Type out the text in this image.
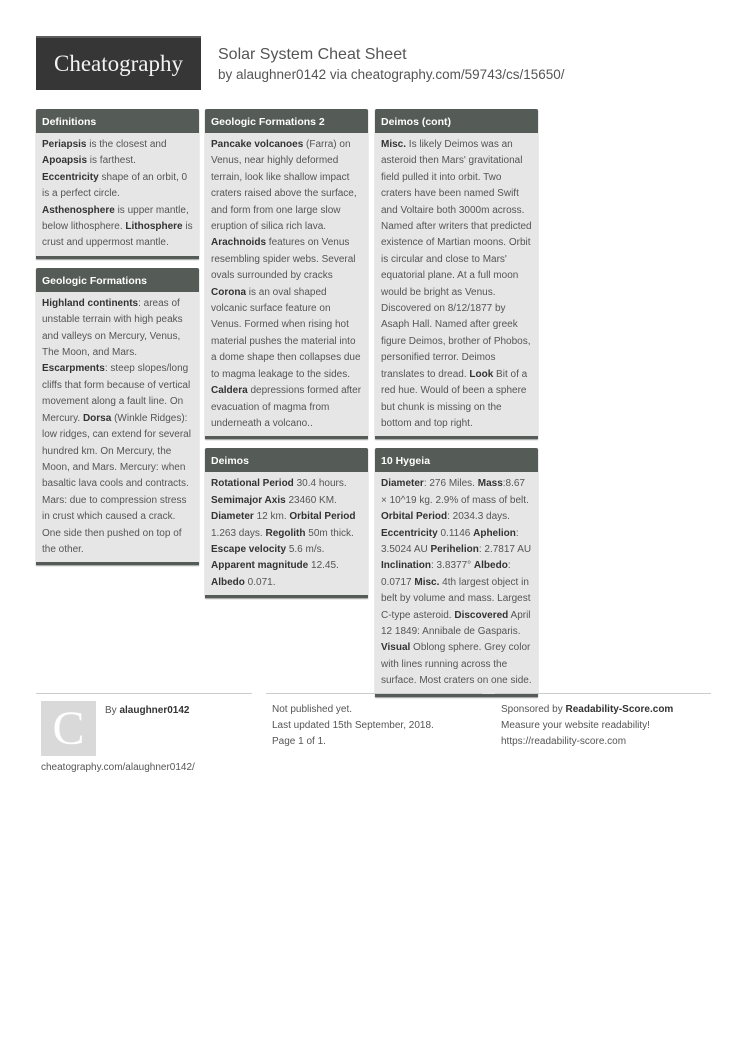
Cheatography Solar System Cheat Sheet
by alaughner0142 via cheatography.com/59743/cs/15650/
Definitions
Periapsis is the closest and Apoapsis is farthest.
Eccentricity shape of an orbit, 0 is a perfect circle.
Asthenosphere is upper mantle, below lithosphere. Lithosphere is crust and uppermost mantle.
Geologic Formations
Highland continents: areas of unstable terrain with high peaks and valleys on Mercury, Venus, The Moon, and Mars.
Escarpments: steep slopes/long cliffs that form because of vertical movement along a fault line. On Mercury. Dorsa (Winkle Ridges): low ridges, can extend for several hundred km. On Mercury, the Moon, and Mars. Mercury: when basaltic lava cools and contracts. Mars: due to compression stress in crust which caused a crack. One side then pushed on top of the other.
Geologic Formations 2
Pancake volcanoes (Farra) on Venus, near highly deformed terrain, look like shallow impact craters raised above the surface, and form from one large slow eruption of silica rich lava.
Arachnoids features on Venus resembling spider webs. Several ovals surrounded by cracks
Corona is an oval shaped volcanic surface feature on Venus. Formed when rising hot material pushes the material into a dome shape then collapses due to magma leakage to the sides. Caldera depressions formed after evacuation of magma from underneath a volcano..
Deimos
Rotational Period 30.4 hours.
Semimajor Axis 23460 KM.
Diameter 12 km. Orbital Period 1.263 days. Regolith 50m thick.
Escape velocity 5.6 m/s.
Apparent magnitude 12.45.
Albedo 0.071.
Deimos (cont)
Misc. Is likely Deimos was an asteroid then Mars' gravitational field pulled it into orbit. Two craters have been named Swift and Voltaire both 3000m across. Named after writers that predicted existence of Martian moons. Orbit is circular and close to Mars' equatorial plane. At a full moon would be bright as Venus. Discovered on 8/12/1877 by Asaph Hall. Named after greek figure Deimos, brother of Phobos, personified terror. Deimos translates to dread. Look Bit of a red hue. Would of been a sphere but chunk is missing on the bottom and top right.
10 Hygeia
Diameter: 276 Miles. Mass:8.67 × 10^19 kg. 2.9% of mass of belt. Orbital Period: 2034.3 days. Eccentricity 0.1146 Aphelion: 3.5024 AU Perihelion: 2.7817 AU Inclination: 3.8377° Albedo: 0.0717 Misc. 4th largest object in belt by volume and mass. Largest C-type asteroid. Discovered April 12 1849: Annibale de Gasparis. Visual Oblong sphere. Grey color with lines running across the surface. Most craters on one side.
C By alaughner0142
cheatography.com/alaughner0142/
Not published yet.
Last updated 15th September, 2018.
Page 1 of 1.
Sponsored by Readability-Score.com
Measure your website readability!
https://readability-score.com
